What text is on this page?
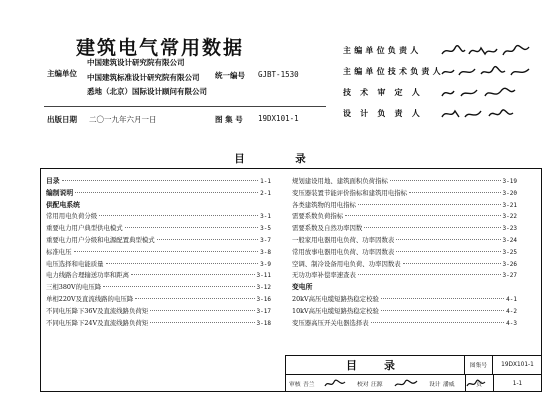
建筑电气常用数据
主编单位
中国建筑设计研究院有限公司
中国建筑标准设计研究院有限公司
悉地（北京）国际设计顾问有限公司
统一编号 GJBT-1530
出版日期 二〇一九年六月一日	图 集 号 19DX101-1
主编单位负责人
主编单位技术负责人
技 术 审 定 人
设 计 负 责 人
目　录
目录	1-1
编制说明	2-1
供配电系统
常用用电负荷分级	3-1
重要电力用户典型供电模式	3-5
重要电力用户分级和电源配置典型模式	3-7
标准电压	3-8
电压选择和电能质量	3-9
电力线路合理输送功率和距离	3-11
三相380V的电压降	3-12
单相220V及直流线路的电压降	3-16
不同电压降下36V及直流线路负荷矩	3-17
不同电压降下24V及直流线路负荷矩	3-18
规划建设用地、建筑面积负荷指标	3-19
变压器装置节能评价指标和建筑用电指标	3-20
各类建筑物的用电指标	3-21
需要系数负荷指标	3-22
需要系数及自然功率因数	3-23
一般家用电器用电负荷、功率因数表	3-24
常用放事电器用电负荷、功率因数表	3-25
空调、制冷设备用电负荷、功率因数表	3-26
无功功率补偿率速查表	3-27
变电所
20kV高压电缆短路热稳定校验	4-1
10kV高压电缆短路热稳定校验	4-2
变压器高压开关电器选择表	4-3
目　录	图集号	19DX101-1
审核 吾兰	校对 汪源	设计 潘威	页	1-1
